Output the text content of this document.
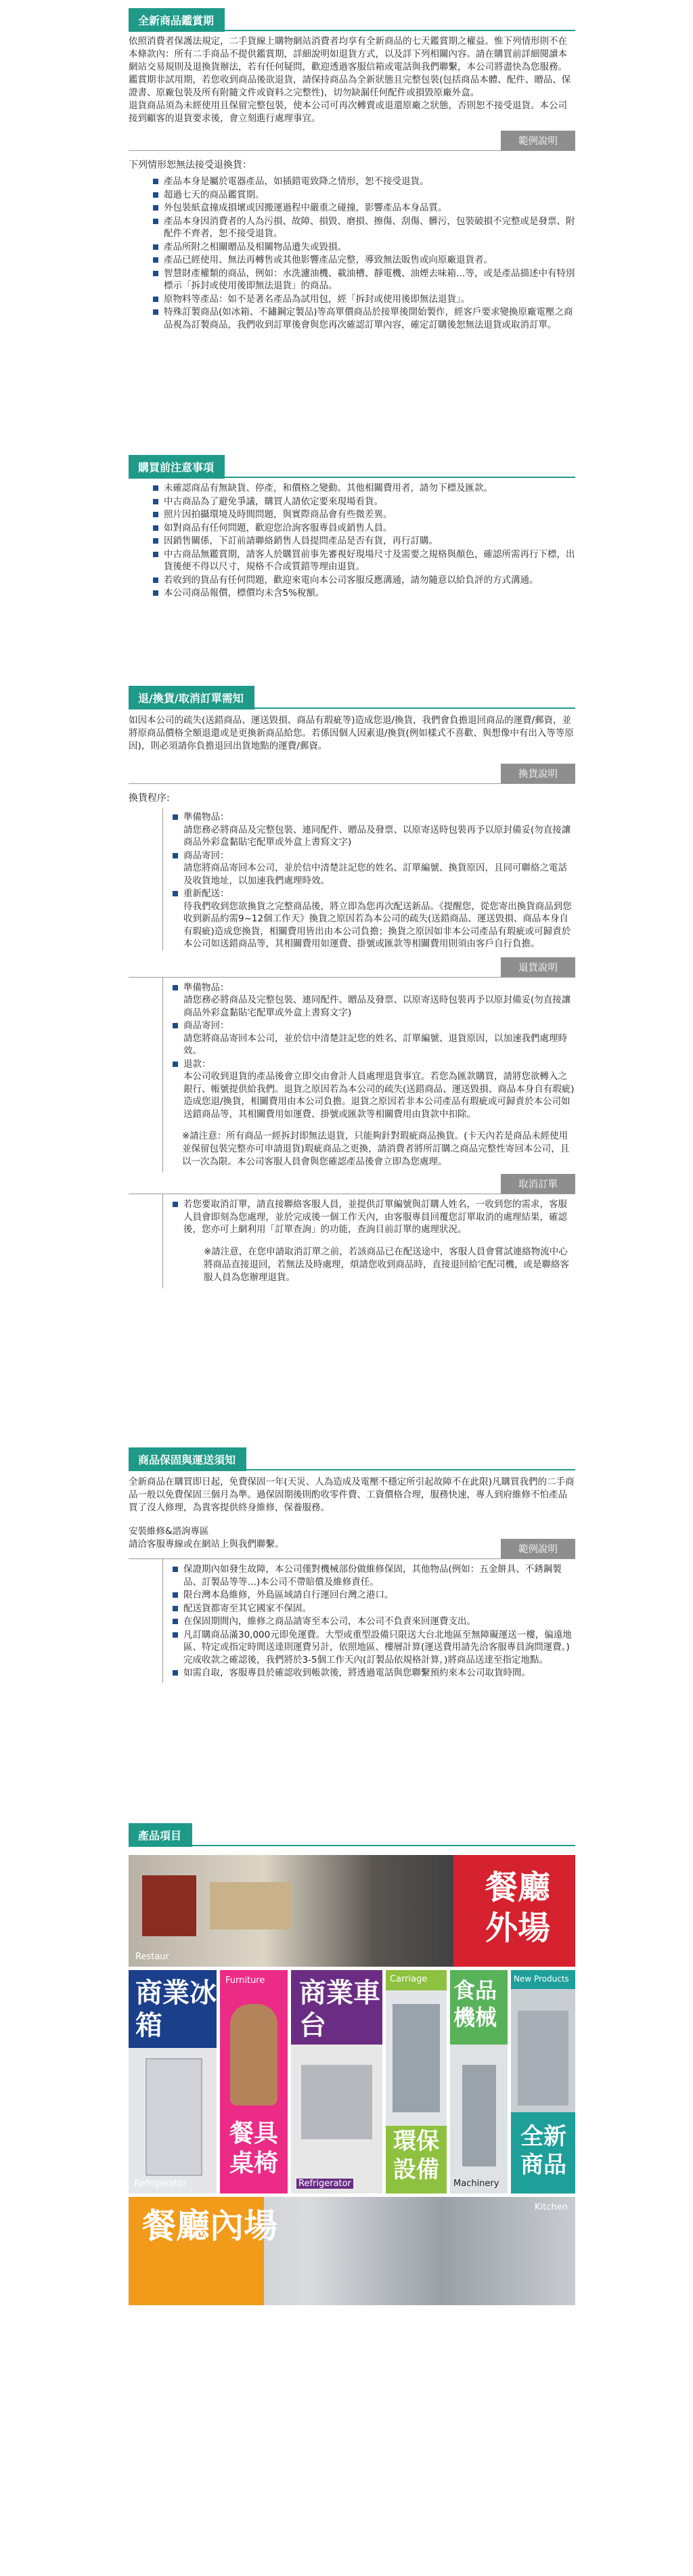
全新商品鑑賞期

依照消費者保護法規定，二手貨線上購物網站消費者均享有全新商品的七天鑑賞期之權益。惟下列情形則不在本條款內：所有二手商品不提供鑑賞期，詳細說明如退貨方式，以及詳下列相關內容。請在購買前詳細閱讀本網站交易規則及退換貨辦法，若有任何疑問，歡迎透過客服信箱或電話與我們聯繫，本公司將盡快為您服務。鑑賞期非試用期，若您收到商品後欲退貨，請保持商品為全新狀態且完整包裝(包括商品本體、配件、贈品、保證書、原廠包裝及所有附隨文件或資料之完整性)，切勿缺漏任何配件或損毀原廠外盒。

退貨商品須為未經使用且保留完整包裝，使本公司可再次轉賣或退還原廠之狀態，否則恕不接受退貨。本公司接到顧客的退貨要求後，會立刻進行處理事宜。

範例說明
下列情形恕無法接受退換貨：
產品本身是屬於電器產品，如插錯電致降之情形，恕不接受退貨。
超過七天的商品鑑賞期。
外包裝紙盒撞成損壞或因搬運過程中嚴重之碰撞，影響產品本身品質。
產品本身因消費者的人為污損、故障、損毀、磨損、擦傷、刮傷、髒污，包裝破損不完整或是發票、附配件不齊者，恕不接受退貨。
產品所附之相關贈品及相關物品遺失或毀損。
產品已經使用、無法再轉售或其他影響產品完整，導致無法販售或向原廠退貨者。
智慧財產權類的商品，例如：水洗濾油機、載油槽、靜電機、油煙去味箱…等，或是產品描述中有特別標示「拆封或使用後即無法退貨」的商品。
原物料等產品：如不是著名產品為試用包，經「拆封或使用後即無法退貨」。
特殊訂製商品(如冰箱、不鏽鋼定製品)等高單價商品於接單後開始製作，經客戶要求變換原廠電壓之商品視為訂製商品，我們收到訂單後會與您再次確認訂單內容，確定訂購後恕無法退貨或取消訂單。
購買前注意事項
未確認商品有無缺貨、停產，和價格之變動。其他相關費用者，請勿下標及匯款。
中古商品為了避免爭議，購買人請依定要來現場看貨。
照片因拍攝環境及時間問題，與實際商品會有些微差異。
如對商品有任何問題，歡迎您洽詢客服專員或銷售人員。
因銷售關係，下訂前請聯絡銷售人員提問產品是否有貨，再行訂購。
中古商品無鑑賞期，請客人於購買前事先審視好現場尺寸及需要之規格與顏色，確認所需再行下標，出貨後便不得以尺寸，規格不合或質錯等理由退貨。
若收到的貨品有任何問題，歡迎來電向本公司客服反應溝通，請勿隨意以給負評的方式溝通。
本公司商品報價，標價均未含5%稅額。
退/換貨/取消訂單需知

如因本公司的疏失(送錯商品、運送毀損、商品有瑕疵等)造成您退/換貨，我們會負擔退回商品的運費/郵資，並將原商品價格全額退還或是更換新商品給您。若係因個人因素退/換貨(例如樣式不喜歡、與想像中有出入等等原因)，則必須請你負擔退回出貨地點的運費/郵資。

換貨說明
換貨程序:
準備物品：
請您務必將商品及完整包裝、連同配件、贈品及發票、以原寄送時包裝再予以原封備妥(勿直接讓商品外彩盒黏貼宅配單或外盒上書寫文字)
商品寄回：
請您將商品寄回本公司，並於信中清楚註記您的姓名、訂單編號、換貨原因，且同可聯絡之電話及收貨地址，以加速我們處理時效。
重新配送：
待我們收到您欲換貨之完整商品後，將立即為您再次配送新品。《提醒您，從您寄出換貨商品到您收到新品約需9~12個工作天》換貨之原因若為本公司的疏失(送錯商品、運送毀損、商品本身自有瑕疵)造成您換貨，相關費用皆出由本公司負擔；換貨之原因如非本公司產品有瑕疵或可歸責於本公司如送錯商品等，其相關費用如運費、掛號或匯款等相關費用則須由客戶自行負擔。
退貨說明
準備物品：
請您務必將商品及完整包裝、連同配件、贈品及發票、以原寄送時包裝再予以原封備妥(勿直接讓商品外彩盒黏貼宅配單或外盒上書寫文字)
商品寄回：
請您將商品寄回本公司，並於信中清楚註記您的姓名、訂單編號、退貨原因，以加速我們處理時效。
退款：
本公司收到退貨的產品後會立即交由會計人員處理退貨事宜。若您為匯款購買，請將您欲轉入之銀行、帳號提供給我們。退貨之原因若為本公司的疏失(送錯商品、運送毀損、商品本身自有瑕疵)造成您退/換貨，相關費用由本公司負擔。退貨之原因若非本公司產品有瑕疵或可歸責於本公司如送錯商品等，其相關費用如運費、掛號或匯款等相關費用由貨款中扣除。

※請注意：所有商品一經拆封即無法退貨，只能夠針對瑕疵商品換貨。(卡天內若是商品未經使用並保留包裝完整亦可申請退貨)瑕疵商品之更換，請消費者將所訂購之商品完整性寄回本公司，且以一次為限。本公司客服人員會與您確認產品後會立即為您處理。

取消訂單
若您要取消訂單，請直接聯絡客服人員，並提供訂單編號與訂購人姓名，一收到您的需求，客服人員會即刻為您處理，並於完成後一個工作天內，由客服專員回覆您訂單取消的處理結果，確認後，您亦可上網利用「訂單查詢」的功能，查詢目前訂單的處理狀況。

※請注意，在您申請取消訂單之前，若該商品已在配送途中，客服人員會嘗試連絡物流中心將商品直接退回，若無法及時處理，煩請您收到商品時，直接退回給宅配司機，或是聯絡客服人員為您辦理退貨。

商品保固與運送須知

全新商品在購買即日起，免費保固一年(天災、人為造成及電壓不穩定所引起故障不在此限)凡購買我們的二手商品一般以免費保固三個月為準。過保固期後則酌收零件費、工資價格合理，服務快速，專人到府維修不怕產品買了沒人修理，為貴客提供終身維修，保養服務。

安裝維修&諮詢專區

請洽客服專線或在網站上與我們聯繫。	範例說明
保證期內如發生故障，本公司僅對機械部份做維修保固，其他物品(例如：五金餅具、不銹鋼製品、訂製品等等…)本公司不帶賠償及維修責任。
限台灣本島維修，外島區域請自行運回台灣之港口。
配送貨都寄至其它國家不保固。
在保固期間內，維修之商品請寄至本公司，本公司不負責來回運費支出。
凡訂購商品滿30,000元即免運費。大型或重型設備只限送大台北地區至無障礙運送一樓，偏遠地區、特定或指定時間送達則運費另計，依照地區、樓層計算(運送費用請先洽客服專員詢問運費。)完成收款之確認後，我們將於3-5個工作天內(訂製品依規格計算，)將商品送達至指定地點。
如需自取，客服專員於確認收到帳款後，將透過電話與您聯繫預約來本公司取貨時間。
產品項目
餐廳外場
Restaur
商業冰箱
Refrigerator
Furniture
餐具桌椅
商業車台
Refrigerator
Carriage
環保設備
食品機械
Machinery
New Products
全新商品
餐廳內場	Kitchen
